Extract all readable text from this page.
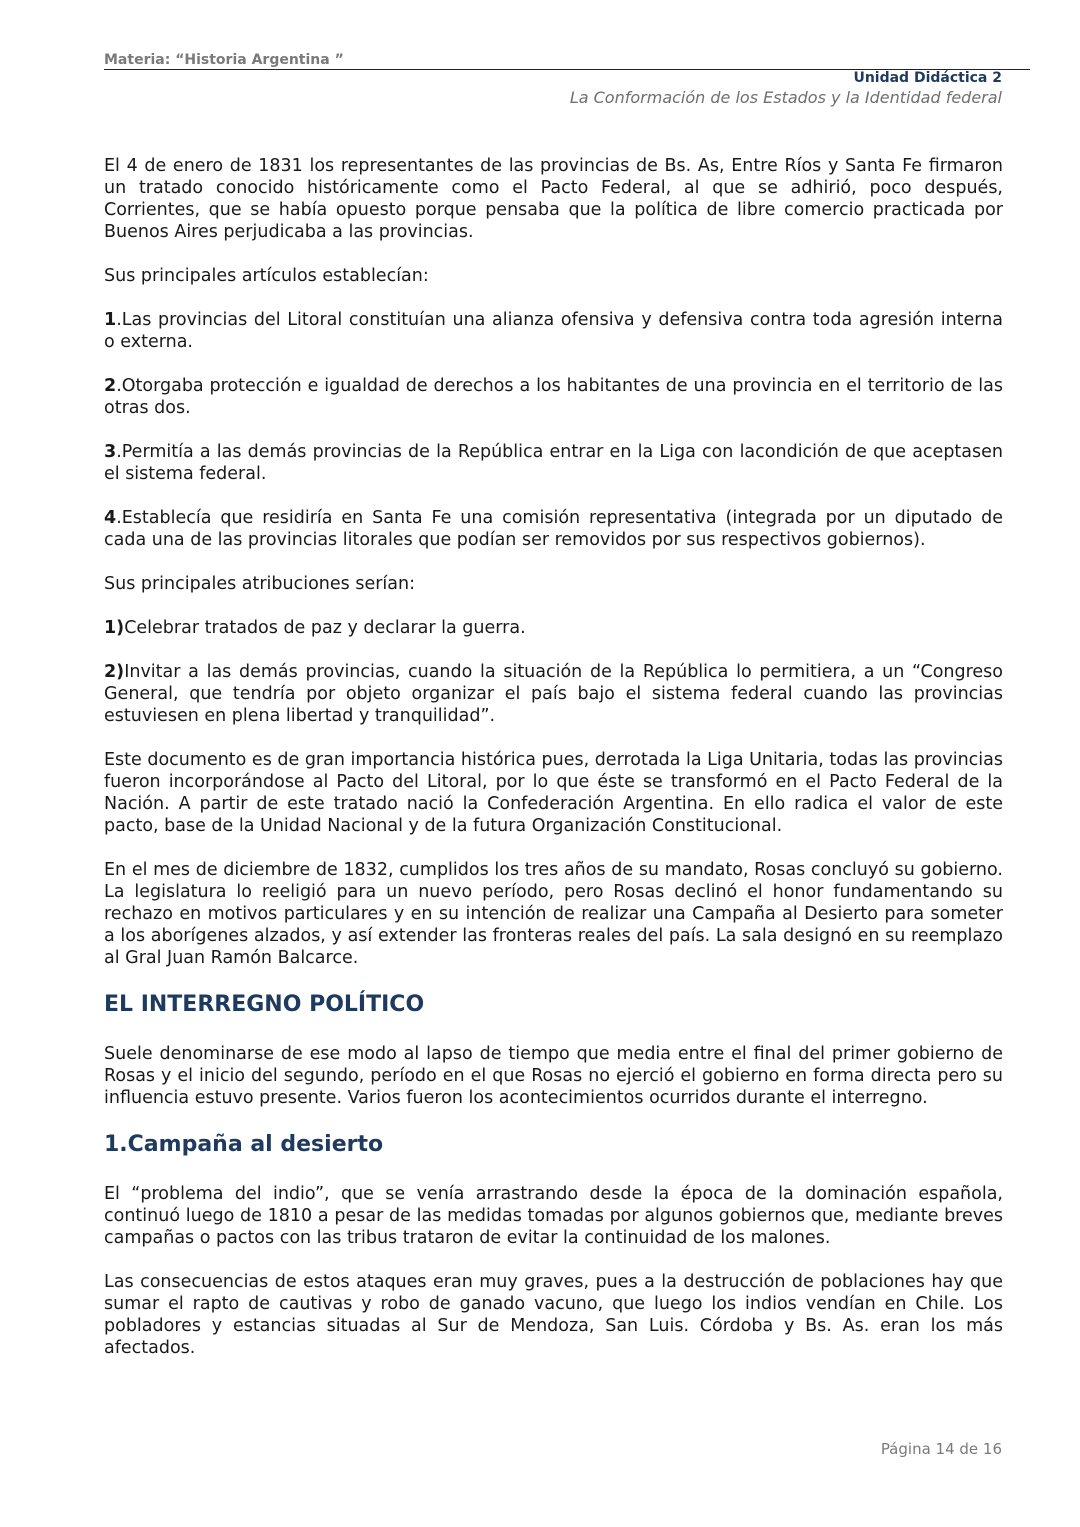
Materia: “Historia Argentina ”
Unidad Didáctica 2
La Conformación de los Estados y la Identidad federal

El 4 de enero de 1831 los representantes de las provincias de Bs. As, Entre Ríos y Santa Fe firmaron un tratado conocido históricamente como el Pacto Federal, al que se adhirió, poco después, Corrientes, que se había opuesto porque pensaba que la política de libre comercio practicada por Buenos Aires perjudicaba a las provincias.

Sus principales artículos establecían:

1.Las provincias del Litoral constituían una alianza ofensiva y defensiva contra toda agresión interna o externa.

2.Otorgaba protección e igualdad de derechos a los habitantes de una provincia en el territorio de las otras dos.

3.Permitía a las demás provincias de la República entrar en la Liga con lacondición de que aceptasen el sistema federal.

4.Establecía que residiría en Santa Fe una comisión representativa (integrada por un diputado de cada una de las provincias litorales que podían ser removidos por sus respectivos gobiernos).

Sus principales atribuciones serían:

1)Celebrar tratados de paz y declarar la guerra.

2)Invitar a las demás provincias, cuando la situación de la República lo permitiera, a un “Congreso General, que tendría por objeto organizar el país bajo el sistema federal cuando las provincias estuviesen en plena libertad y tranquilidad”.

Este documento es de gran importancia histórica pues, derrotada la Liga Unitaria, todas las provincias fueron incorporándose al Pacto del Litoral, por lo que éste se transformó en el Pacto Federal de la Nación. A partir de este tratado nació la Confederación Argentina. En ello radica el valor de este pacto, base de la Unidad Nacional y de la futura Organización Constitucional.

En el mes de diciembre de 1832, cumplidos los tres años de su mandato, Rosas concluyó su gobierno. La legislatura lo reeligió para un nuevo período, pero Rosas declinó el honor fundamentando su rechazo en motivos particulares y en su intención de realizar una Campaña al Desierto para someter a los aborígenes alzados, y así extender las fronteras reales del país. La sala designó en su reemplazo al Gral Juan Ramón Balcarce.

EL INTERREGNO POLÍTICO

Suele denominarse de ese modo al lapso de tiempo que media entre el final del primer gobierno de Rosas y el inicio del segundo, período en el que Rosas no ejerció el gobierno en forma directa pero su influencia estuvo presente. Varios fueron los acontecimientos ocurridos durante el interregno.

1.Campaña al desierto

El “problema del indio”, que se venía arrastrando desde la época de la dominación española, continuó luego de 1810 a pesar de las medidas tomadas por algunos gobiernos que, mediante breves campañas o pactos con las tribus trataron de evitar la continuidad de los malones.

Las consecuencias de estos ataques eran muy graves, pues a la destrucción de poblaciones hay que sumar el rapto de cautivas y robo de ganado vacuno, que luego los indios vendían en Chile. Los pobladores y estancias situadas al Sur de Mendoza, San Luis. Córdoba y Bs. As. eran los más afectados.

Página 14 de 16
